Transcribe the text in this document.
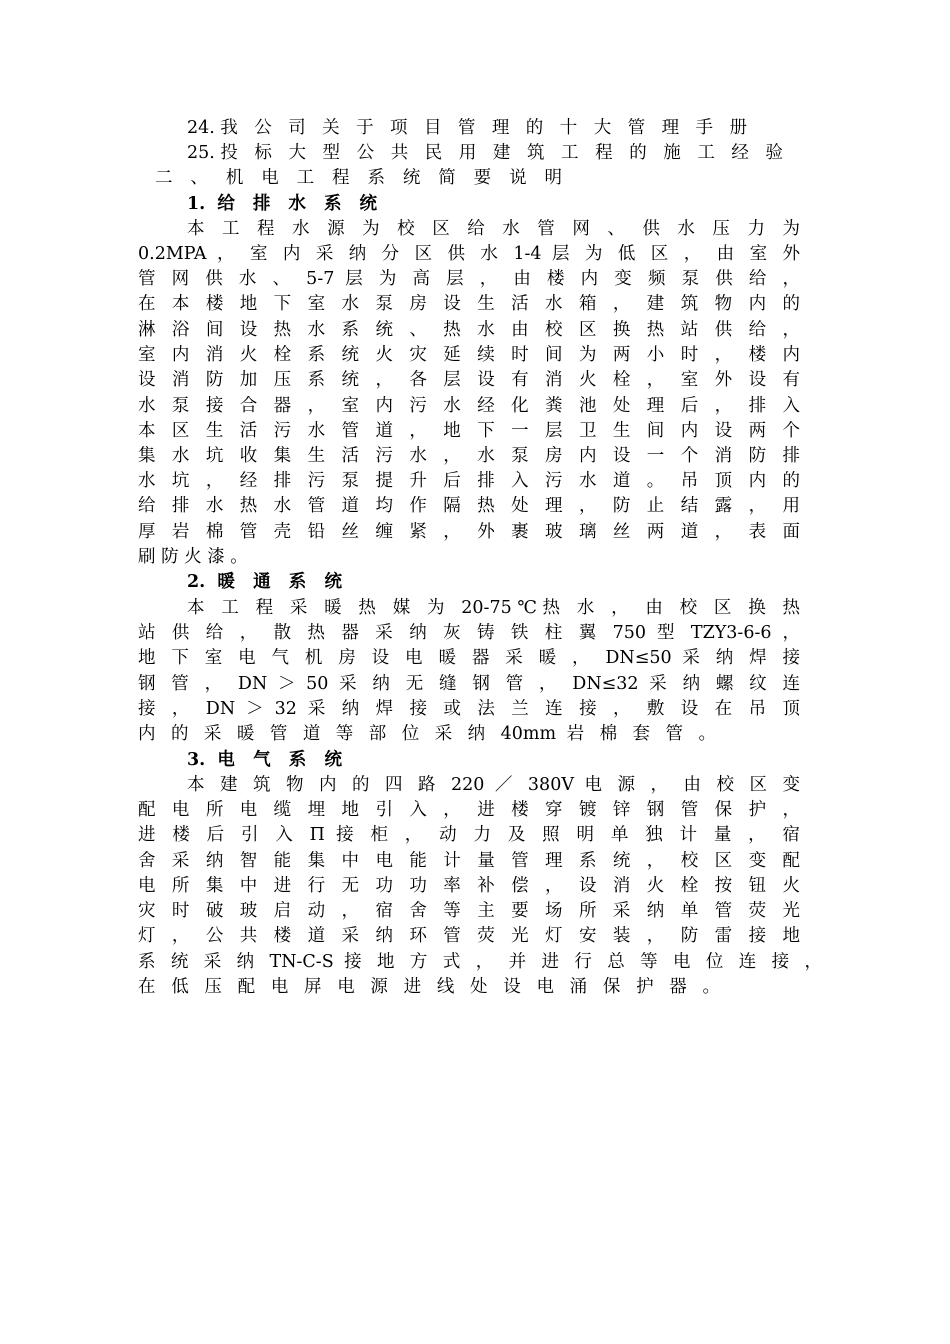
24.我 公 司 关 于 项 目 管 理 的 十 大 管 理 手 册
25.投 标 大 型 公 共 民 用 建 筑 工 程 的 施 工 经 验
二 、 机 电 工 程 系 统 简 要 说 明
1. 给 排 水 系 统
本 工 程 水 源 为 校 区 给 水 管 网 、 供 水 压 力 为
0.2MPA ， 室 内 采 纳 分 区 供 水 1-4 层 为 低 区 ， 由 室 外
管 网 供 水 、 5-7 层 为 高 层 ， 由 楼 内 变 频 泵 供 给 ，
在 本 楼 地 下 室 水 泵 房 设 生 活 水 箱 ， 建 筑 物 内 的
淋 浴 间 设 热 水 系 统 、 热 水 由 校 区 换 热 站 供 给 ，
室 内 消 火 栓 系 统 火 灾 延 续 时 间 为 两 小 时 ， 楼 内
设 消 防 加 压 系 统 ， 各 层 设 有 消 火 栓 ， 室 外 设 有
水 泵 接 合 器 ， 室 内 污 水 经 化 粪 池 处 理 后 ， 排 入
本 区 生 活 污 水 管 道 ， 地 下 一 层 卫 生 间 内 设 两 个
集 水 坑 收 集 生 活 污 水 ， 水 泵 房 内 设 一 个 消 防 排
水 坑 ， 经 排 污 泵 提 升 后 排 入 污 水 道 。 吊 顶 内 的
给 排 水 热 水 管 道 均 作 隔 热 处 理 ， 防 止 结 露 ， 用
厚 岩 棉 管 壳 铅 丝 缠 紧 ， 外 裹 玻 璃 丝 两 道 ， 表 面
刷 防 火 漆 。
2. 暖 通 系 统
本 工 程 采 暖 热 媒 为 20-75℃热 水 ， 由 校 区 换 热
站 供 给 ， 散 热 器 采 纳 灰 铸 铁 柱 翼 750 型 TZY3-6-6 ，
地 下 室 电 气 机 房 设 电 暖 器 采 暖 ， DN≤50 采 纳 焊 接
钢 管 ， DN ＞ 50 采 纳 无 缝 钢 管 ， DN≤32 采 纳 螺 纹 连
接 ， DN ＞ 32 采 纳 焊 接 或 法 兰 连 接 ， 敷 设 在 吊 顶
内 的 采 暖 管 道 等 部 位 采 纳 40mm 岩 棉 套 管 。
3. 电 气 系 统
本 建 筑 物 内 的 四 路 220 ／ 380V 电 源 ， 由 校 区 变
配 电 所 电 缆 埋 地 引 入 ， 进 楼 穿 镀 锌 钢 管 保 护 ，
进 楼 后 引 入 Π 接 柜 ， 动 力 及 照 明 单 独 计 量 ， 宿
舍 采 纳 智 能 集 中 电 能 计 量 管 理 系 统 ， 校 区 变 配
电 所 集 中 进 行 无 功 功 率 补 偿 ， 设 消 火 栓 按 钮 火
灾 时 破 玻 启 动 ， 宿 舍 等 主 要 场 所 采 纳 单 管 荧 光
灯 ， 公 共 楼 道 采 纳 环 管 荧 光 灯 安 装 ， 防 雷 接 地
系 统 采 纳 TN-C-S 接 地 方 式 ， 并 进 行 总 等 电 位 连 接 ，
在 低 压 配 电 屏 电 源 进 线 处 设 电 涌 保 护 器 。
